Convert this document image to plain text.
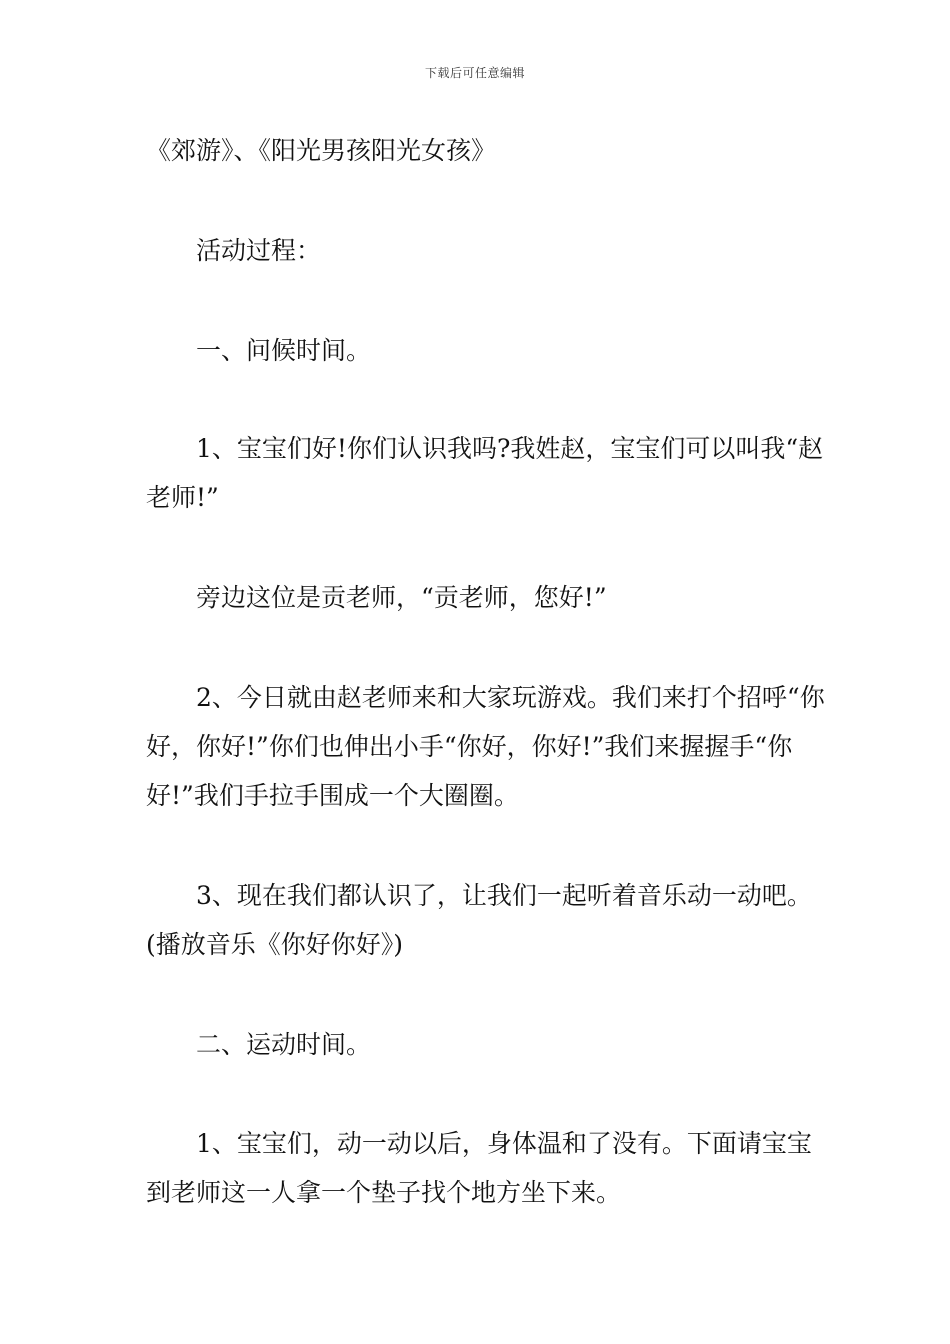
下载后可任意编辑
《郊游》、《阳光男孩阳光女孩》
活动过程：
一、问候时间。
1、宝宝们好!你们认识我吗?我姓赵，宝宝们可以叫我“赵老师!”
旁边这位是贡老师，“贡老师，您好!”
2、今日就由赵老师来和大家玩游戏。我们来打个招呼“你好，你好!”你们也伸出小手“你好，你好!”我们来握握手“你好!”我们手拉手围成一个大圈圈。
3、现在我们都认识了，让我们一起听着音乐动一动吧。(播放音乐《你好你好》)
二、运动时间。
1、宝宝们，动一动以后，身体温和了没有。下面请宝宝到老师这一人拿一个垫子找个地方坐下来。
